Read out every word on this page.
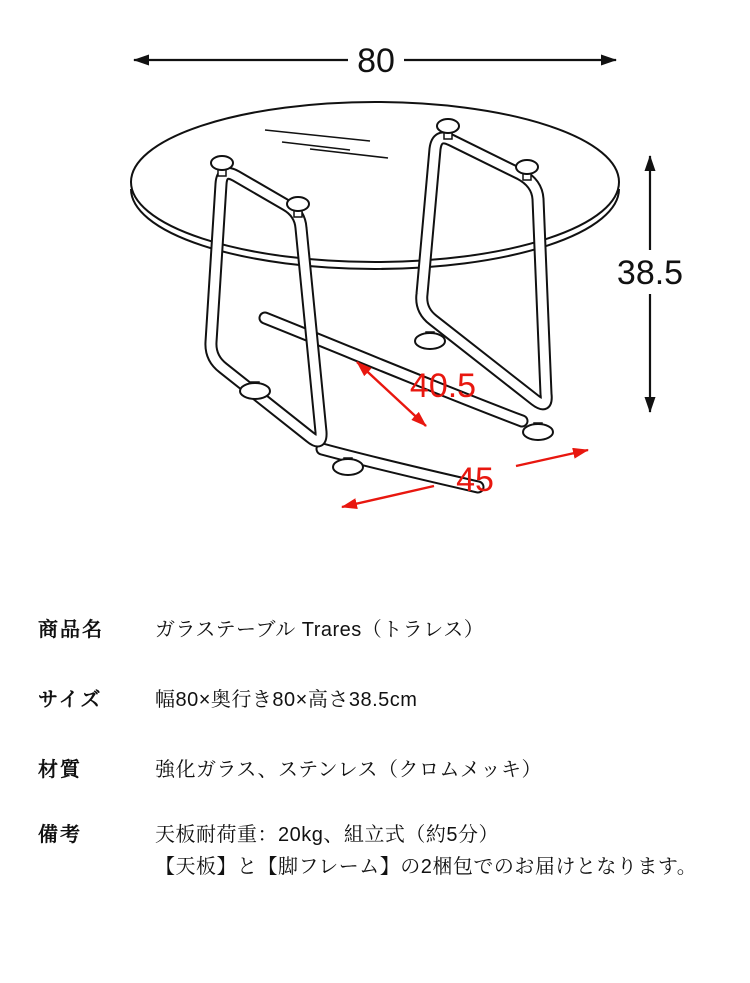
80
38.5
40.5
45
商品名	ガラステーブル Trares（トラレス）
サイズ	幅80×奥行き80×高さ38.5cm
材質	強化ガラス、ステンレス（クロムメッキ）
備考	天板耐荷重：20kg、組立式（約5分）
【天板】と【脚フレーム】の2梱包でのお届けとなります。
